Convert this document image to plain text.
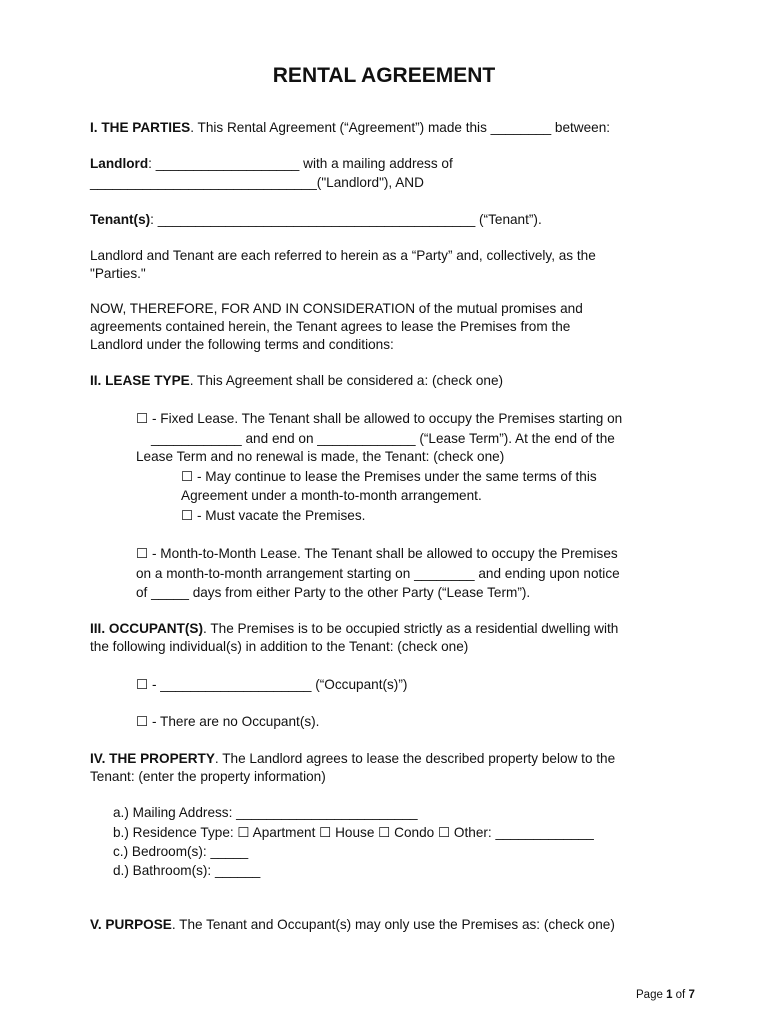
RENTAL AGREEMENT
I. THE PARTIES. This Rental Agreement (“Agreement”) made this ________ between:
Landlord: ___________________ with a mailing address of
______________________________("Landlord"), AND
Tenant(s): __________________________________________ (“Tenant”).
Landlord and Tenant are each referred to herein as a “Party” and, collectively, as the
"Parties."
NOW, THEREFORE, FOR AND IN CONSIDERATION of the mutual promises and
agreements contained herein, the Tenant agrees to lease the Premises from the
Landlord under the following terms and conditions:
II. LEASE TYPE. This Agreement shall be considered a: (check one)
☐ - Fixed Lease. The Tenant shall be allowed to occupy the Premises starting on
____________ and end on _____________ (“Lease Term”). At the end of the
Lease Term and no renewal is made, the Tenant: (check one)
☐ - May continue to lease the Premises under the same terms of this
Agreement under a month-to-month arrangement.
☐ - Must vacate the Premises.
☐ - Month-to-Month Lease. The Tenant shall be allowed to occupy the Premises
on a month-to-month arrangement starting on ________ and ending upon notice
of _____ days from either Party to the other Party (“Lease Term”).
III. OCCUPANT(S). The Premises is to be occupied strictly as a residential dwelling with
the following individual(s) in addition to the Tenant: (check one)
☐ - ____________________ (“Occupant(s)”)
☐ - There are no Occupant(s).
IV. THE PROPERTY. The Landlord agrees to lease the described property below to the
Tenant: (enter the property information)
a.) Mailing Address: ________________________
b.) Residence Type: ☐ Apartment ☐ House ☐ Condo ☐ Other: _____________
c.) Bedroom(s): _____
d.) Bathroom(s): ______
V. PURPOSE. The Tenant and Occupant(s) may only use the Premises as: (check one)
Page 1 of 7
